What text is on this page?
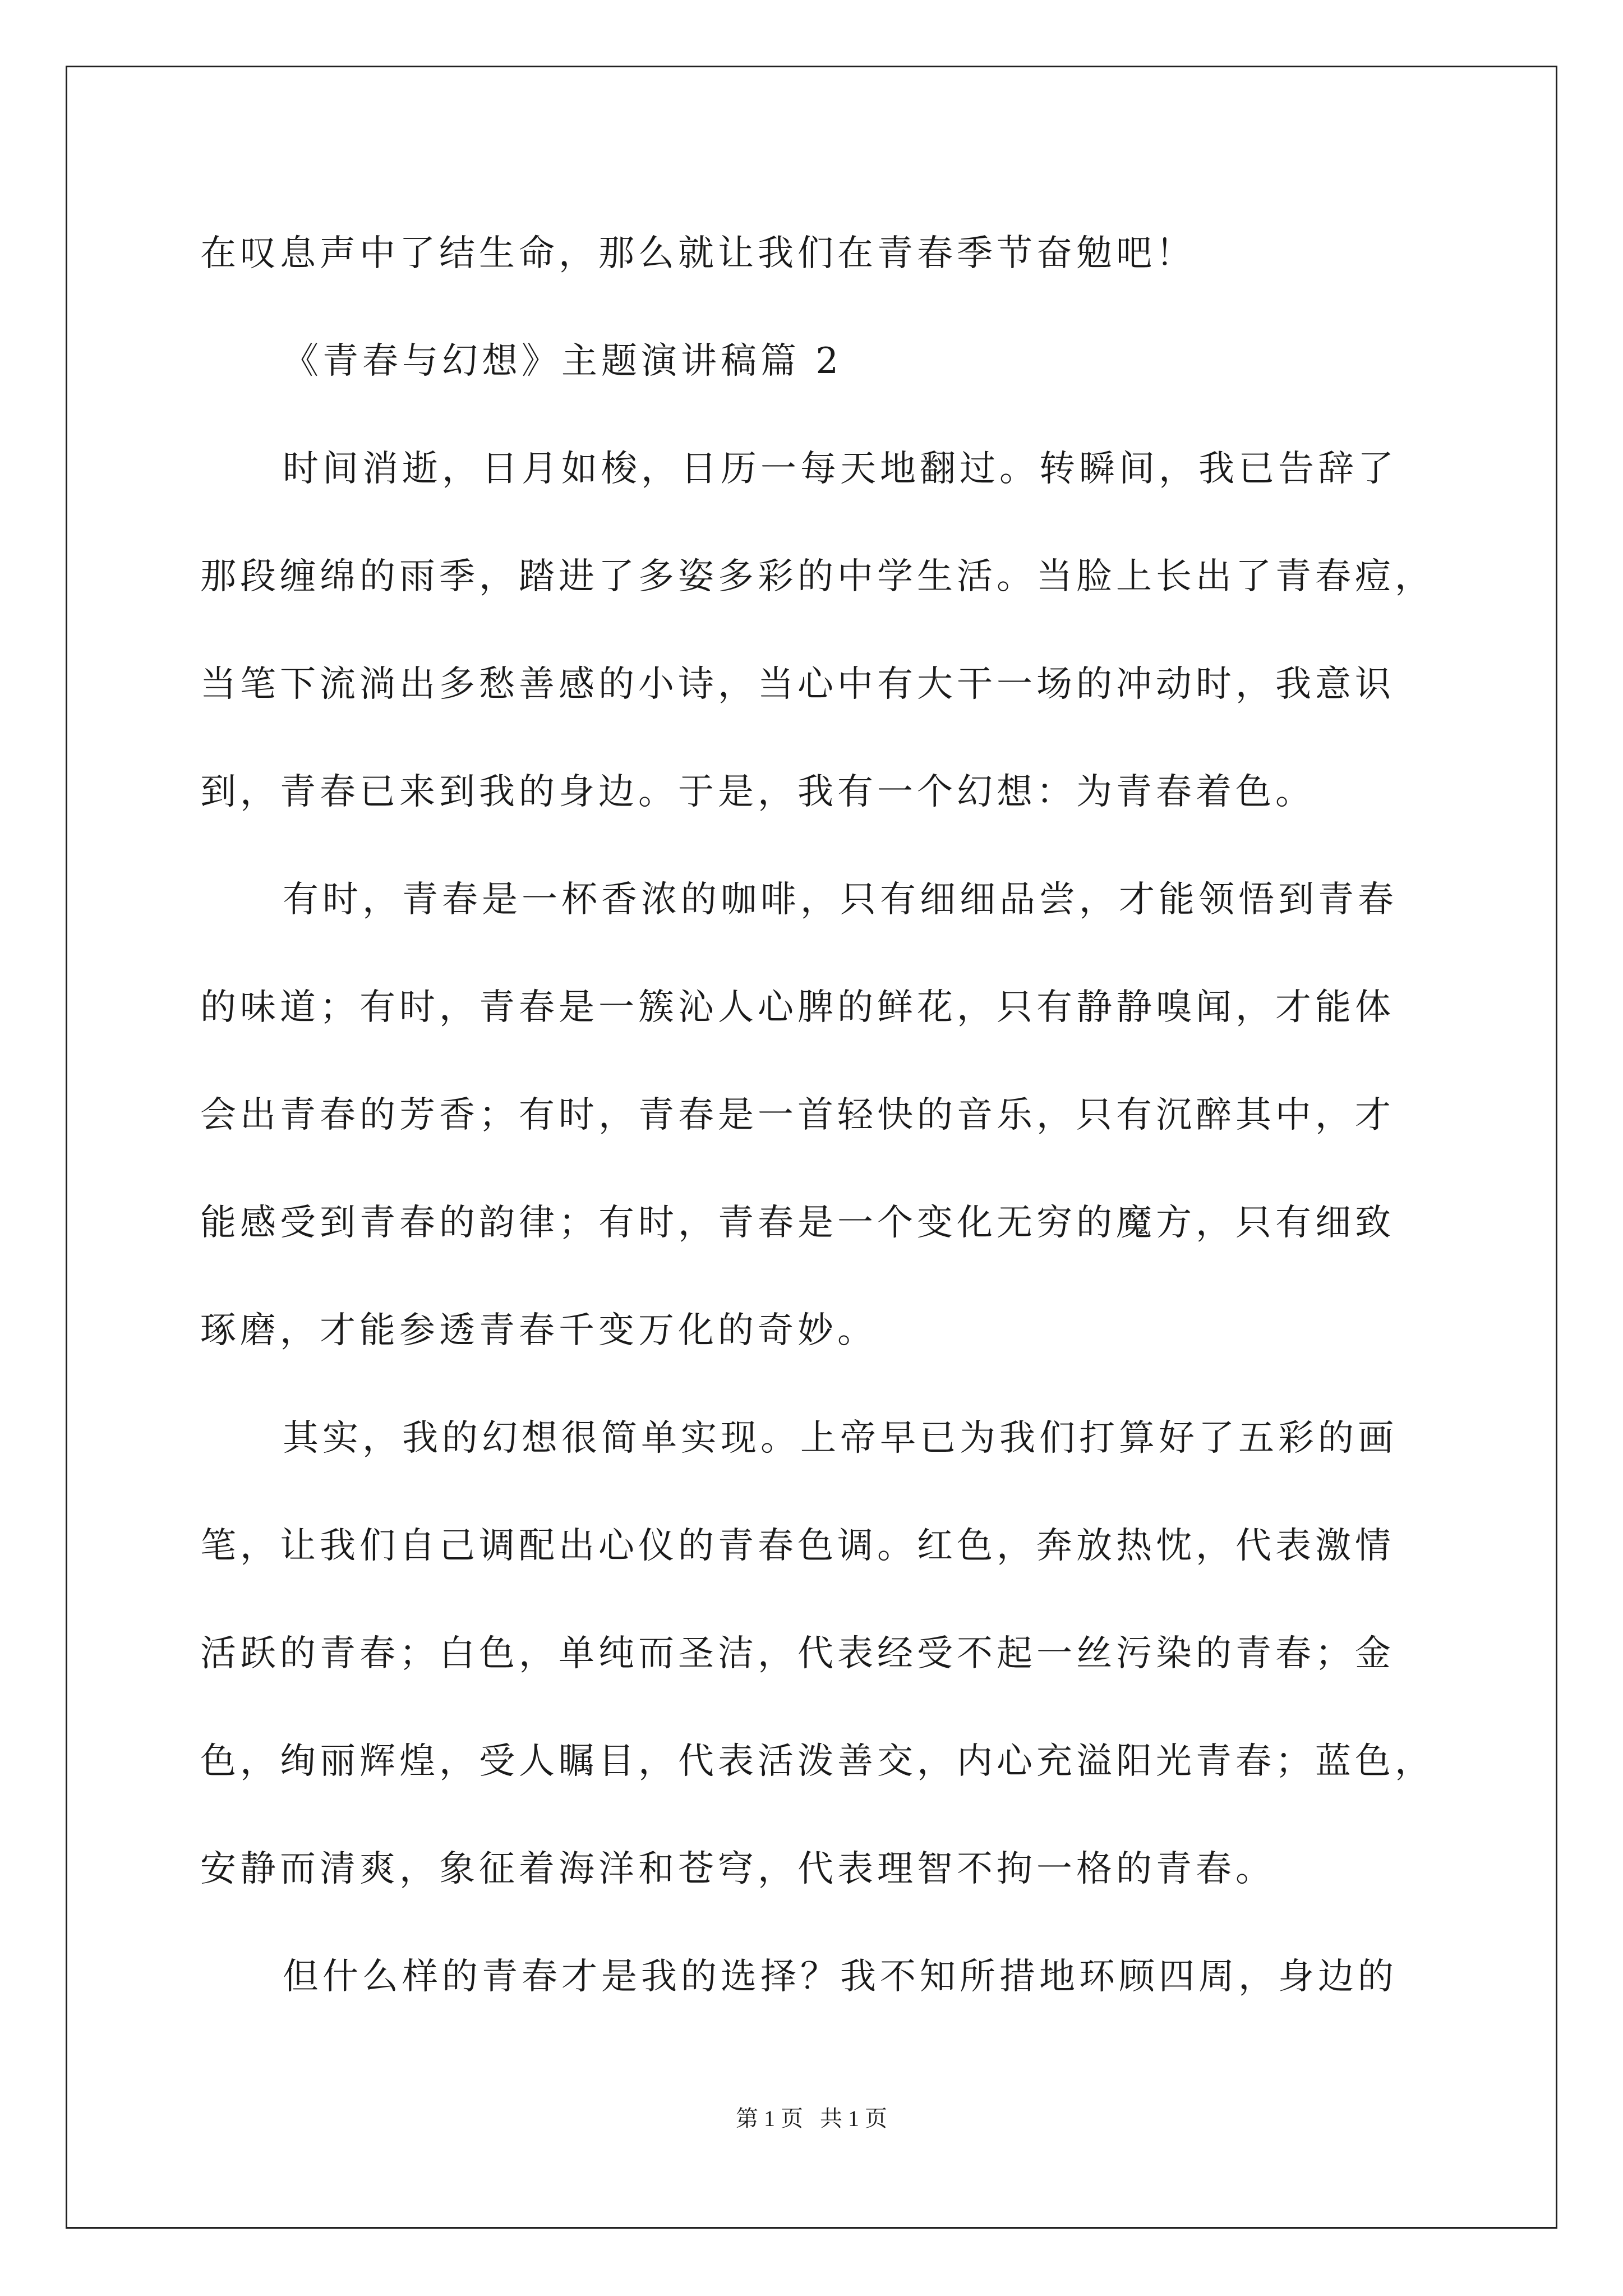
在叹息声中了结生命，那么就让我们在青春季节奋勉吧！
《青春与幻想》主题演讲稿篇 2
时间消逝，日月如梭，日历一每天地翻过。转瞬间，我已告辞了
那段缠绵的雨季，踏进了多姿多彩的中学生活。当脸上长出了青春痘，
当笔下流淌出多愁善感的小诗，当心中有大干一场的冲动时，我意识
到，青春已来到我的身边。于是，我有一个幻想：为青春着色。
有时，青春是一杯香浓的咖啡，只有细细品尝，才能领悟到青春
的味道；有时，青春是一簇沁人心脾的鲜花，只有静静嗅闻，才能体
会出青春的芳香；有时，青春是一首轻快的音乐，只有沉醉其中，才
能感受到青春的韵律；有时，青春是一个变化无穷的魔方，只有细致
琢磨，才能参透青春千变万化的奇妙。
其实，我的幻想很简单实现。上帝早已为我们打算好了五彩的画
笔，让我们自己调配出心仪的青春色调。红色，奔放热忱，代表激情
活跃的青春；白色，单纯而圣洁，代表经受不起一丝污染的青春；金
色，绚丽辉煌，受人瞩目，代表活泼善交，内心充溢阳光青春；蓝色，
安静而清爽，象征着海洋和苍穹，代表理智不拘一格的青春。
但什么样的青春才是我的选择？我不知所措地环顾四周，身边的
第 1 页   共 1 页
